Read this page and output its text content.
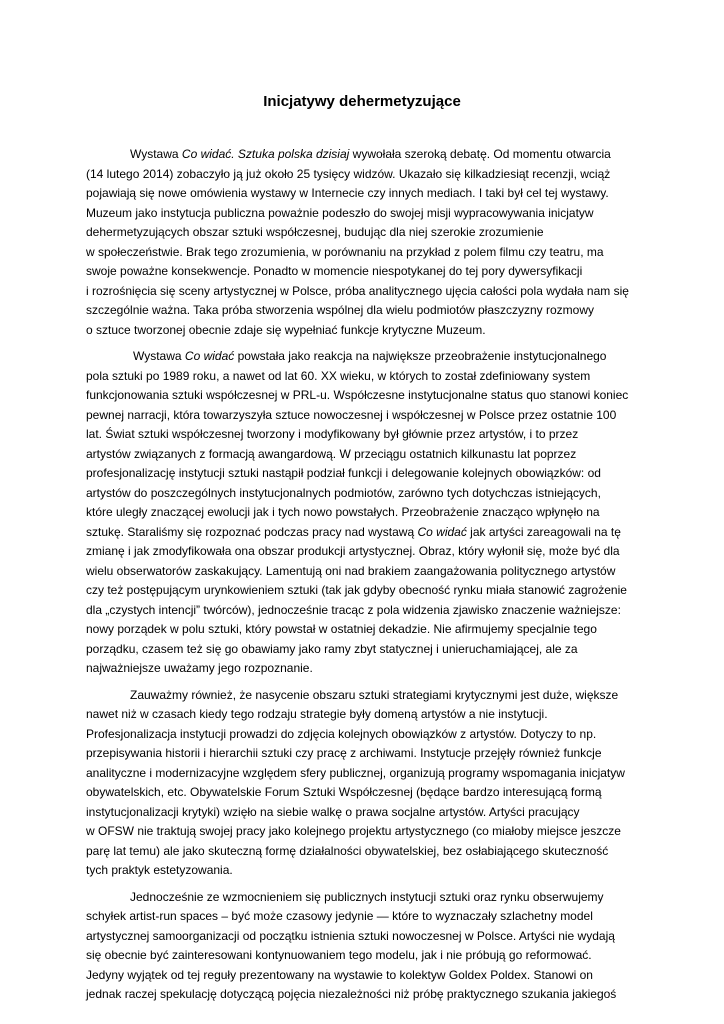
Inicjatywy dehermetyzujące
Wystawa Co widać. Sztuka polska dzisiaj wywołała szeroką debatę. Od momentu otwarcia
(14 lutego 2014) zobaczyło ją już około 25 tysięcy widzów. Ukazało się kilkadziesiąt recenzji, wciąż
pojawiają się nowe omówienia wystawy w Internecie czy innych mediach. I taki był cel tej wystawy.
Muzeum jako instytucja publiczna poważnie podeszło do swojej misji wypracowywania inicjatyw
dehermetyzujących obszar sztuki współczesnej, budując dla niej szerokie zrozumienie
w społeczeństwie. Brak tego zrozumienia, w porównaniu na przykład z polem filmu czy teatru, ma
swoje poważne konsekwencje. Ponadto w momencie niespotykanej do tej pory dywersyfikacji
i rozrośnięcia się sceny artystycznej w Polsce, próba analitycznego ujęcia całości pola wydała nam się
szczególnie ważna. Taka próba stworzenia wspólnej dla wielu podmiotów płaszczyzny rozmowy
o sztuce tworzonej obecnie zdaje się wypełniać funkcje krytyczne Muzeum.
Wystawa Co widać powstała jako reakcja na największe przeobrażenie instytucjonalnego
pola sztuki po 1989 roku, a nawet od lat 60. XX wieku, w których to został zdefiniowany system
funkcjonowania sztuki współczesnej w PRL-u. Współczesne instytucjonalne status quo stanowi koniec
pewnej narracji, która towarzyszyła sztuce nowoczesnej i współczesnej w Polsce przez ostatnie 100
lat. Świat sztuki współczesnej tworzony i modyfikowany był głównie przez artystów, i to przez
artystów związanych z formacją awangardową. W przeciągu ostatnich kilkunastu lat poprzez
profesjonalizację instytucji sztuki nastąpił podział funkcji i delegowanie kolejnych obowiązków: od
artystów do poszczególnych instytucjonalnych podmiotów, zarówno tych dotychczas istniejących,
które uległy znaczącej ewolucji jak i tych nowo powstałych. Przeobrażenie znacząco wpłynęło na
sztukę. Staraliśmy się rozpoznać podczas pracy nad wystawą Co widać jak artyści zareagowali na tę
zmianę i jak zmodyfikowała ona obszar produkcji artystycznej. Obraz, który wyłonił się, może być dla
wielu obserwatorów zaskakujący. Lamentują oni nad brakiem zaangażowania politycznego artystów
czy też postępującym urynkowieniem sztuki (tak jak gdyby obecność rynku miała stanowić zagrożenie
dla „czystych intencji” twórców), jednocześnie tracąc z pola widzenia zjawisko znaczenie ważniejsze:
nowy porządek w polu sztuki, który powstał w ostatniej dekadzie. Nie afirmujemy specjalnie tego
porządku, czasem też się go obawiamy jako ramy zbyt statycznej i unieruchamiającej, ale za
najważniejsze uważamy jego rozpoznanie.
Zauważmy również, że nasycenie obszaru sztuki strategiami krytycznymi jest duże, większe
nawet niż w czasach kiedy tego rodzaju strategie były domeną artystów a nie instytucji.
Profesjonalizacja instytucji prowadzi do zdjęcia kolejnych obowiązków z artystów. Dotyczy to np.
przepisywania historii i hierarchii sztuki czy pracę z archiwami. Instytucje przejęły również funkcje
analityczne i modernizacyjne względem sfery publicznej, organizują programy wspomagania inicjatyw
obywatelskich, etc. Obywatelskie Forum Sztuki Współczesnej (będące bardzo interesującą formą
instytucjonalizacji krytyki) wzięło na siebie walkę o prawa socjalne artystów. Artyści pracujący
w OFSW nie traktują swojej pracy jako kolejnego projektu artystycznego (co miałoby miejsce jeszcze
parę lat temu) ale jako skuteczną formę działalności obywatelskiej, bez osłabiającego skuteczność
tych praktyk estetyzowania.
Jednocześnie ze wzmocnieniem się publicznych instytucji sztuki oraz rynku obserwujemy
schyłek artist-run spaces – być może czasowy jedynie — które to wyznaczały szlachetny model
artystycznej samoorganizacji od początku istnienia sztuki nowoczesnej w Polsce. Artyści nie wydają
się obecnie być zainteresowani kontynuowaniem tego modelu, jak i nie próbują go reformować.
Jedyny wyjątek od tej reguły prezentowany na wystawie to kolektyw Goldex Poldex. Stanowi on
jednak raczej spekulację dotyczącą pojęcia niezależności niż próbę praktycznego szukania jakiegoś
